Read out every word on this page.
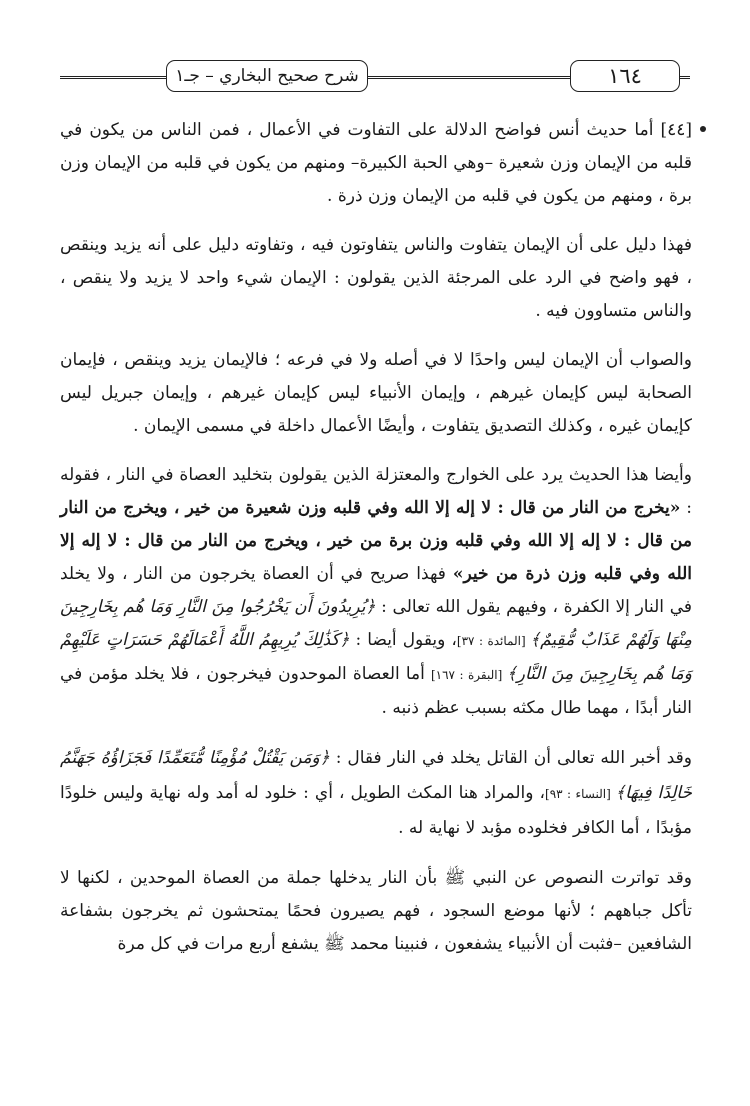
شرح صحيح البخاري – جـ١	١٦٤

[٤٤] أما حديث أنس فواضح الدلالة على التفاوت في الأعمال ، فمن الناس من يكون في قلبه من الإيمان وزن شعيرة –وهي الحبة الكبيرة– ومنهم من يكون في قلبه من الإيمان وزن برة ، ومنهم من يكون في قلبه من الإيمان وزن ذرة .

فهذا دليل على أن الإيمان يتفاوت والناس يتفاوتون فيه ، وتفاوته دليل على أنه يزيد وينقص ، فهو واضح في الرد على المرجئة الذين يقولون : الإيمان شيء واحد لا يزيد ولا ينقص ، والناس متساوون فيه .

والصواب أن الإيمان ليس واحدًا لا في أصله ولا في فرعه ؛ فالإيمان يزيد وينقص ، فإيمان الصحابة ليس كإيمان غيرهم ، وإيمان الأنبياء ليس كإيمان غيرهم ، وإيمان جبريل ليس كإيمان غيره ، وكذلك التصديق يتفاوت ، وأيضًا الأعمال داخلة في مسمى الإيمان .

وأيضا هذا الحديث يرد على الخوارج والمعتزلة الذين يقولون بتخليد العصاة في النار ، فقوله : «يخرج من النار من قال : لا إله إلا الله وفي قلبه وزن شعيرة من خير ، ويخرج من النار من قال : لا إله إلا الله وفي قلبه وزن برة من خير ، ويخرج من النار من قال : لا إله إلا الله وفي قلبه وزن ذرة من خير» فهذا صريح في أن العصاة يخرجون من النار ، ولا يخلد في النار إلا الكفرة ، وفيهم يقول الله تعالى : ﴿يُرِيدُونَ أَن يَخْرُجُوا مِنَ النَّارِ وَمَا هُم بِخَارِجِينَ مِنْهَا وَلَهُمْ عَذَابٌ مُّقِيمٌ﴾ [المائدة : ٣٧]، ويقول أيضا : ﴿كَذَٰلِكَ يُرِيهِمُ اللَّهُ أَعْمَالَهُمْ حَسَرَاتٍ عَلَيْهِمْ وَمَا هُم بِخَارِجِينَ مِنَ النَّارِ﴾ [البقرة : ١٦٧] أما العصاة الموحدون فيخرجون ، فلا يخلد مؤمن في النار أبدًا ، مهما طال مكثه بسبب عظم ذنبه .

وقد أخبر الله تعالى أن القاتل يخلد في النار فقال : ﴿وَمَن يَقْتُلْ مُؤْمِنًا مُّتَعَمِّدًا فَجَزَاؤُهُ جَهَنَّمُ خَالِدًا فِيهَا﴾ [النساء : ٩٣]، والمراد هنا المكث الطويل ، أي : خلود له أمد وله نهاية وليس خلودًا مؤبدًا ، أما الكافر فخلوده مؤبد لا نهاية له .

وقد تواترت النصوص عن النبي ﷺ بأن النار يدخلها جملة من العصاة الموحدين ، لكنها لا تأكل جباههم ؛ لأنها موضع السجود ، فهم يصيرون فحمًا يمتحشون ثم يخرجون بشفاعة الشافعين –فثبت أن الأنبياء يشفعون ، فنبينا محمد ﷺ يشفع أربع مرات في كل مرة
